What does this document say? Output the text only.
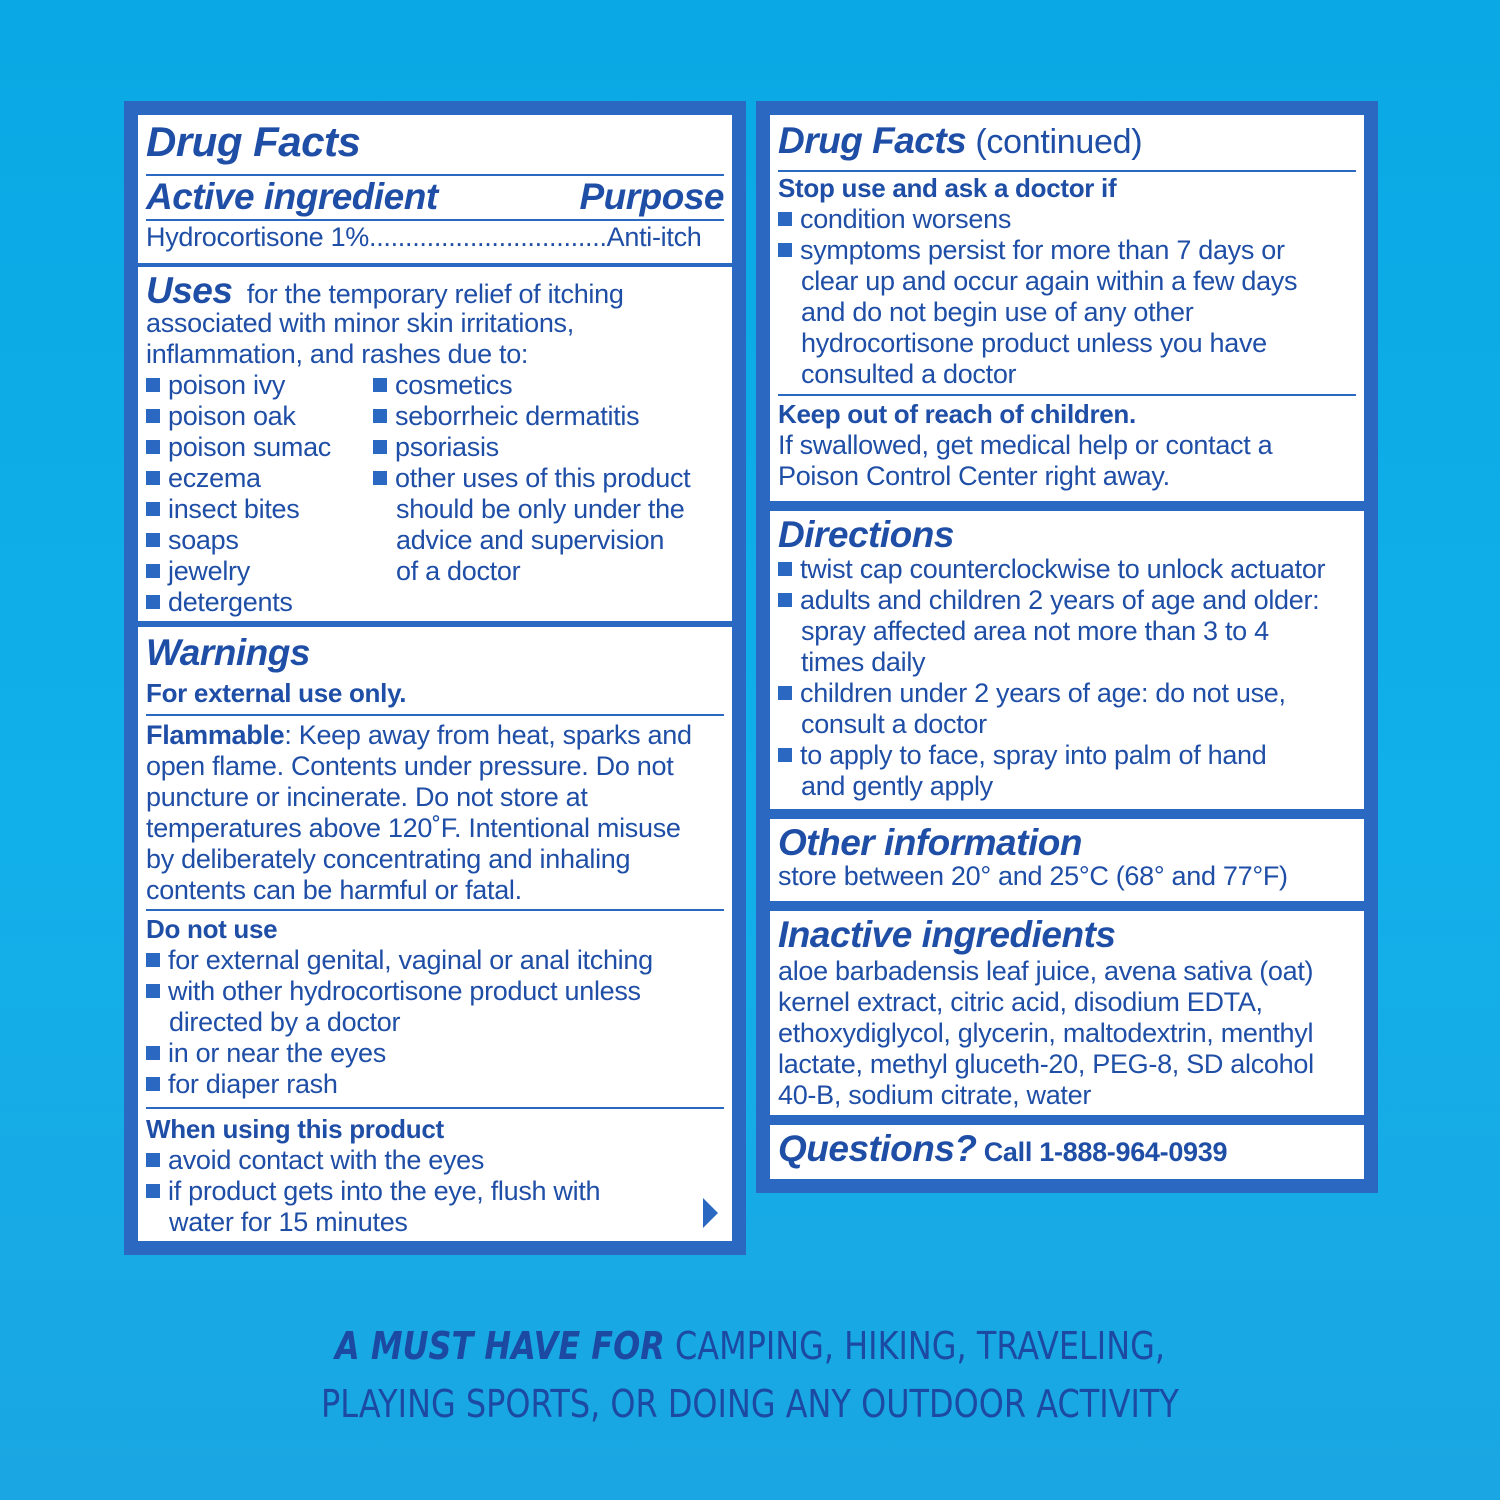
Drug Facts
Active ingredient	Purpose
Hydrocortisone 1%.................................Anti-itch
Uses for the temporary relief of itching
associated with minor skin irritations,
inflammation, and rashes due to:
poison ivy
poison oak
poison sumac
eczema
insect bites
soaps
jewelry
detergents
cosmetics
seborrheic dermatitis
psoriasis
other uses of this product
should be only under the
advice and supervision
of a doctor
Warnings
For external use only.
Flammable: Keep away from heat, sparks and
open flame. Contents under pressure. Do not
puncture or incinerate. Do not store at
temperatures above 120˚F. Intentional misuse
by deliberately concentrating and inhaling
contents can be harmful or fatal.
Do not use
for external genital, vaginal or anal itching
with other hydrocortisone product unless
directed by a doctor
in or near the eyes
for diaper rash
When using this product
avoid contact with the eyes
if product gets into the eye, flush with
water for 15 minutes
Drug Facts (continued)
Stop use and ask a doctor if
condition worsens
symptoms persist for more than 7 days or
clear up and occur again within a few days
and do not begin use of any other
hydrocortisone product unless you have
consulted a doctor
Keep out of reach of children.
If swallowed, get medical help or contact a
Poison Control Center right away.
Directions
twist cap counterclockwise to unlock actuator
adults and children 2 years of age and older:
spray affected area not more than 3 to 4
times daily
children under 2 years of age: do not use,
consult a doctor
to apply to face, spray into palm of hand
and gently apply
Other information
store between 20° and 25°C (68° and 77°F)
Inactive ingredients
aloe barbadensis leaf juice, avena sativa (oat)
kernel extract, citric acid, disodium EDTA,
ethoxydiglycol, glycerin, maltodextrin, menthyl
lactate, methyl gluceth-20, PEG-8, SD alcohol
40-B, sodium citrate, water
Questions? Call 1-888-964-0939
A MUST HAVE FOR CAMPING, HIKING, TRAVELING,
PLAYING SPORTS, OR DOING ANY OUTDOOR ACTIVITY
